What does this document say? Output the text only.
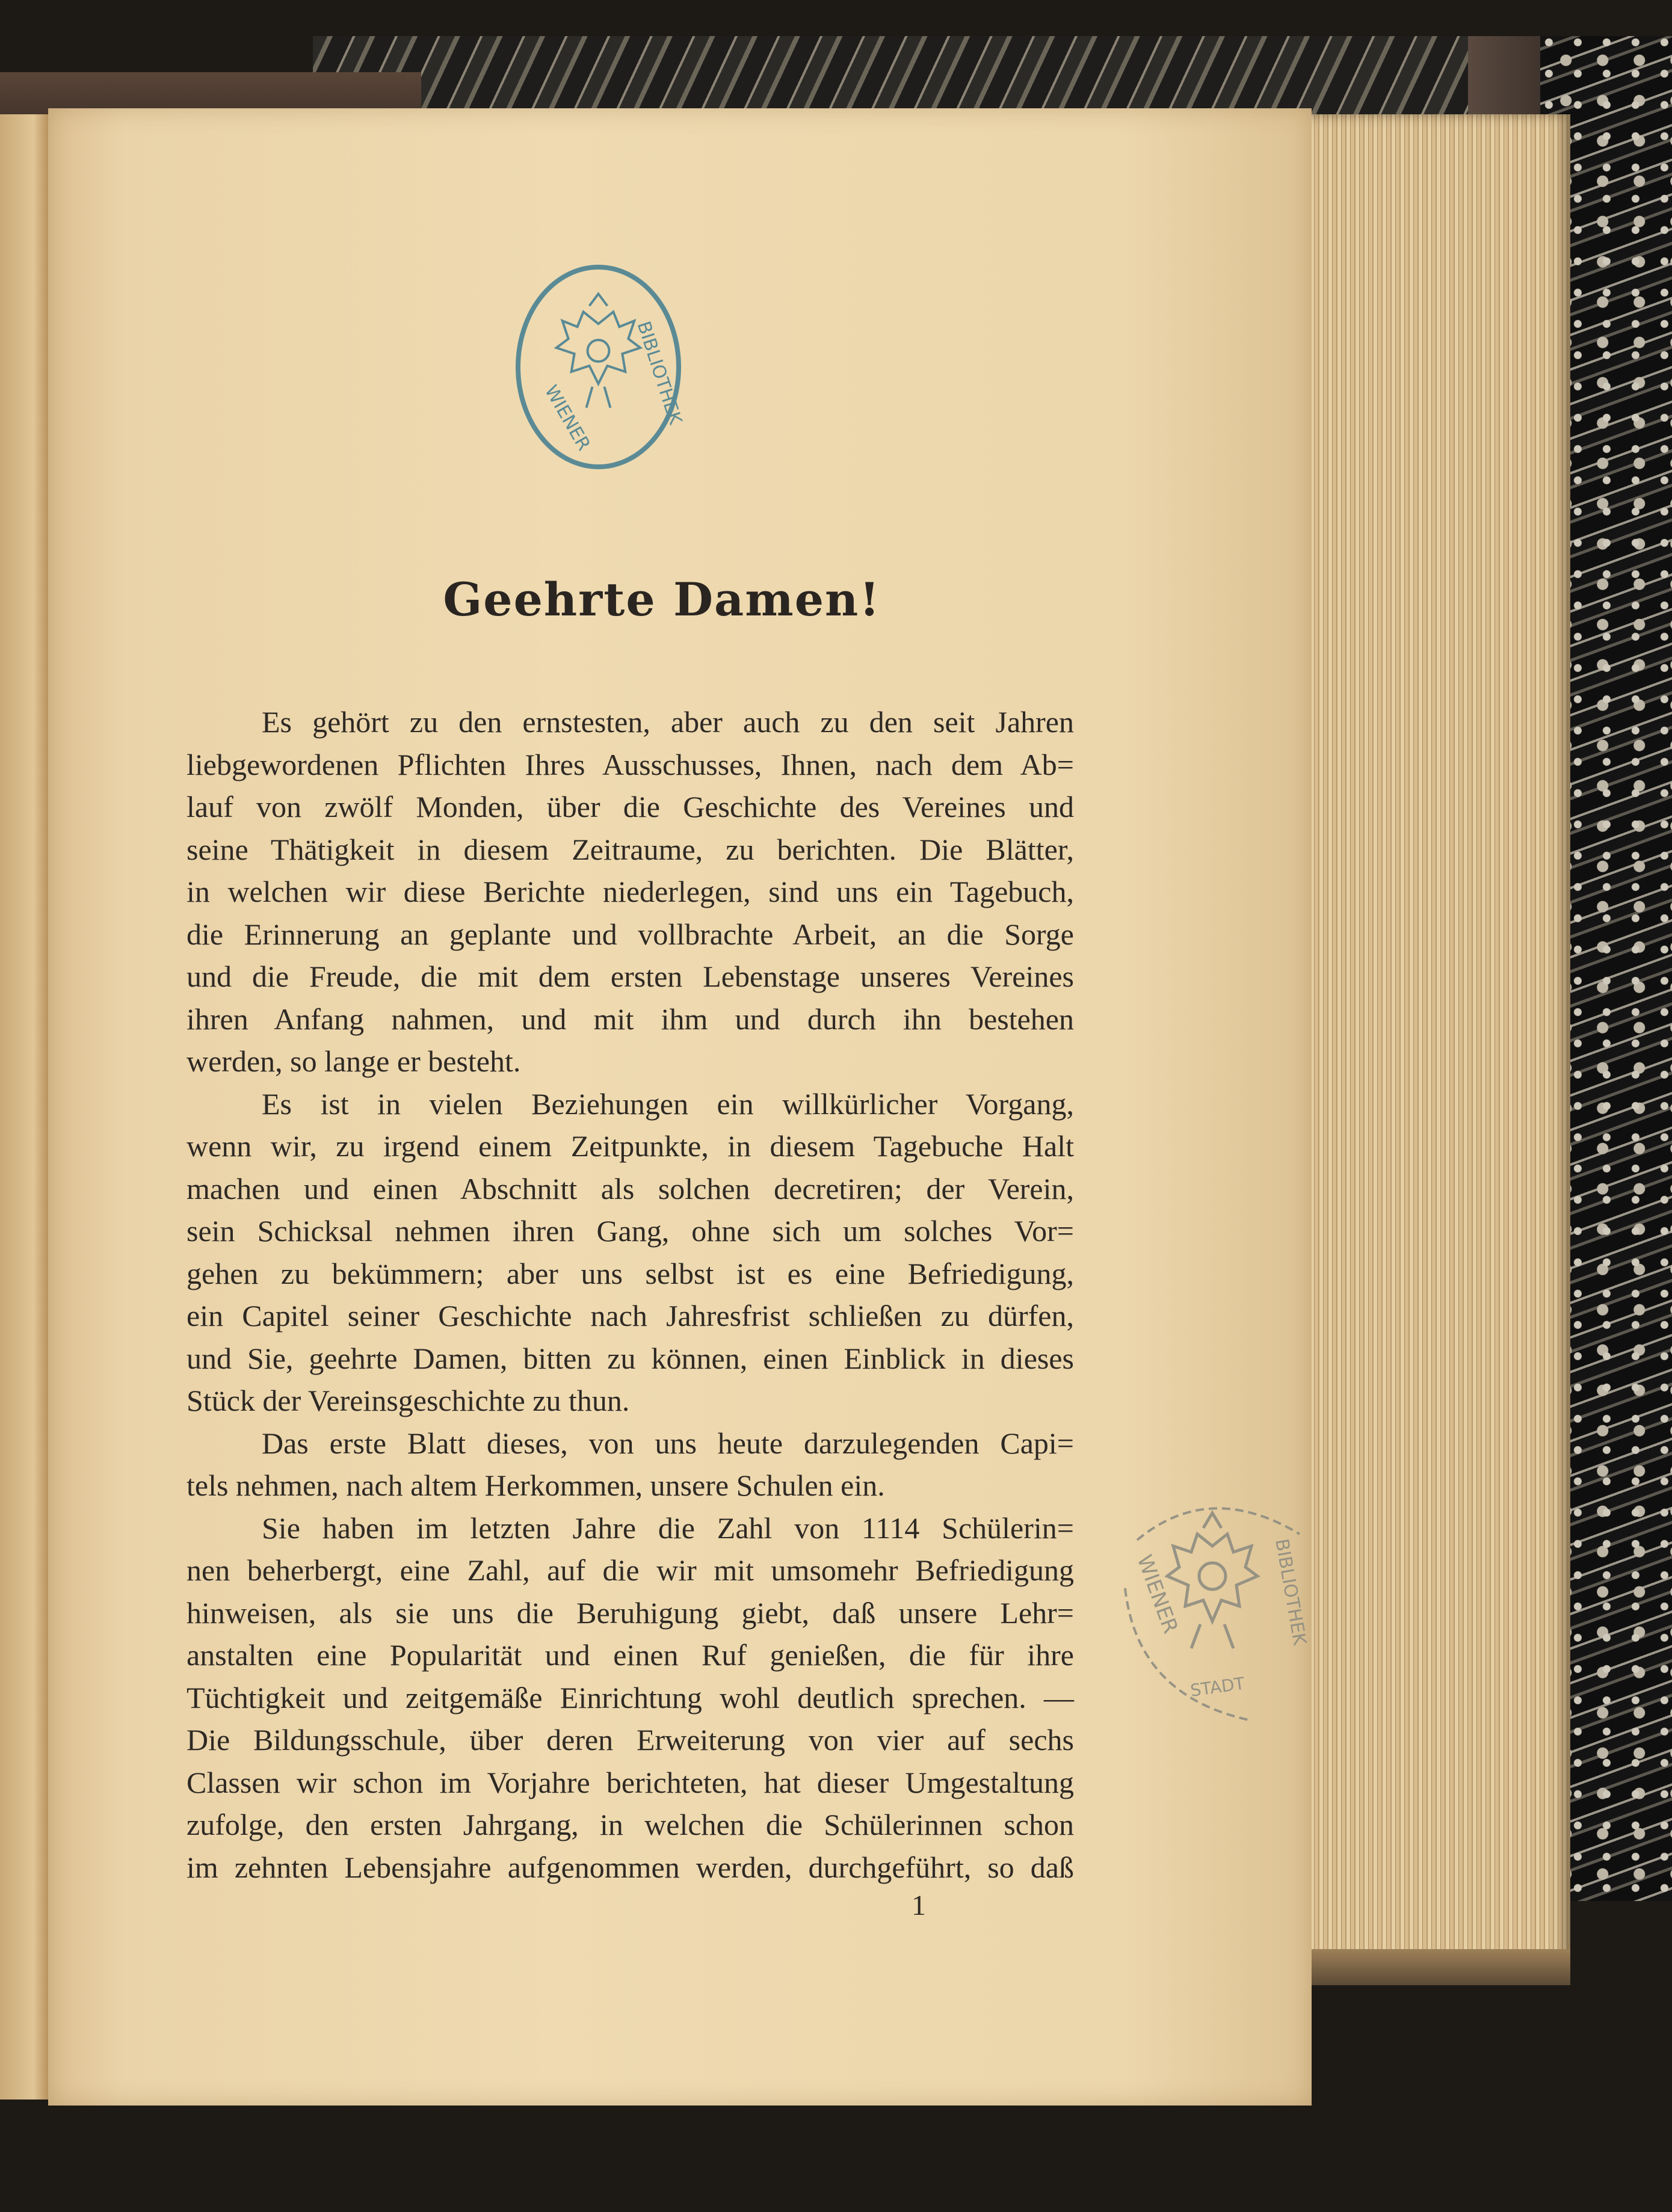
WIENER BIBLIOTHEK
Geehrte Damen!

Es gehört zu den ernstesten, aber auch zu den seit Jahren
liebgewordenen Pflichten Ihres Ausschusses, Ihnen, nach dem Ab=
lauf von zwölf Monden, über die Geschichte des Vereines und
seine Thätigkeit in diesem Zeitraume, zu berichten. Die Blätter,
in welchen wir diese Berichte niederlegen, sind uns ein Tagebuch,
die Erinnerung an geplante und vollbrachte Arbeit, an die Sorge
und die Freude, die mit dem ersten Lebenstage unseres Vereines
ihren Anfang nahmen, und mit ihm und durch ihn bestehen
werden, so lange er besteht.

Es ist in vielen Beziehungen ein willkürlicher Vorgang,
wenn wir, zu irgend einem Zeitpunkte, in diesem Tagebuche Halt
machen und einen Abschnitt als solchen decretiren; der Verein,
sein Schicksal nehmen ihren Gang, ohne sich um solches Vor=
gehen zu bekümmern; aber uns selbst ist es eine Befriedigung,
ein Capitel seiner Geschichte nach Jahresfrist schließen zu dürfen,
und Sie, geehrte Damen, bitten zu können, einen Einblick in dieses
Stück der Vereinsgeschichte zu thun.

Das erste Blatt dieses, von uns heute darzulegenden Capi=
tels nehmen, nach altem Herkommen, unsere Schulen ein.

Sie haben im letzten Jahre die Zahl von 1114 Schülerin=
nen beherbergt, eine Zahl, auf die wir mit umsomehr Befriedigung
hinweisen, als sie uns die Beruhigung giebt, daß unsere Lehr=
anstalten eine Popularität und einen Ruf genießen, die für ihre
Tüchtigkeit und zeitgemäße Einrichtung wohl deutlich sprechen. —
Die Bildungsschule, über deren Erweiterung von vier auf sechs
Classen wir schon im Vorjahre berichteten, hat dieser Umgestaltung
zufolge, den ersten Jahrgang, in welchen die Schülerinnen schon
im zehnten Lebensjahre aufgenommen werden, durchgeführt, so daß

WIENER	BIBLIOTHEK
STADT
1
